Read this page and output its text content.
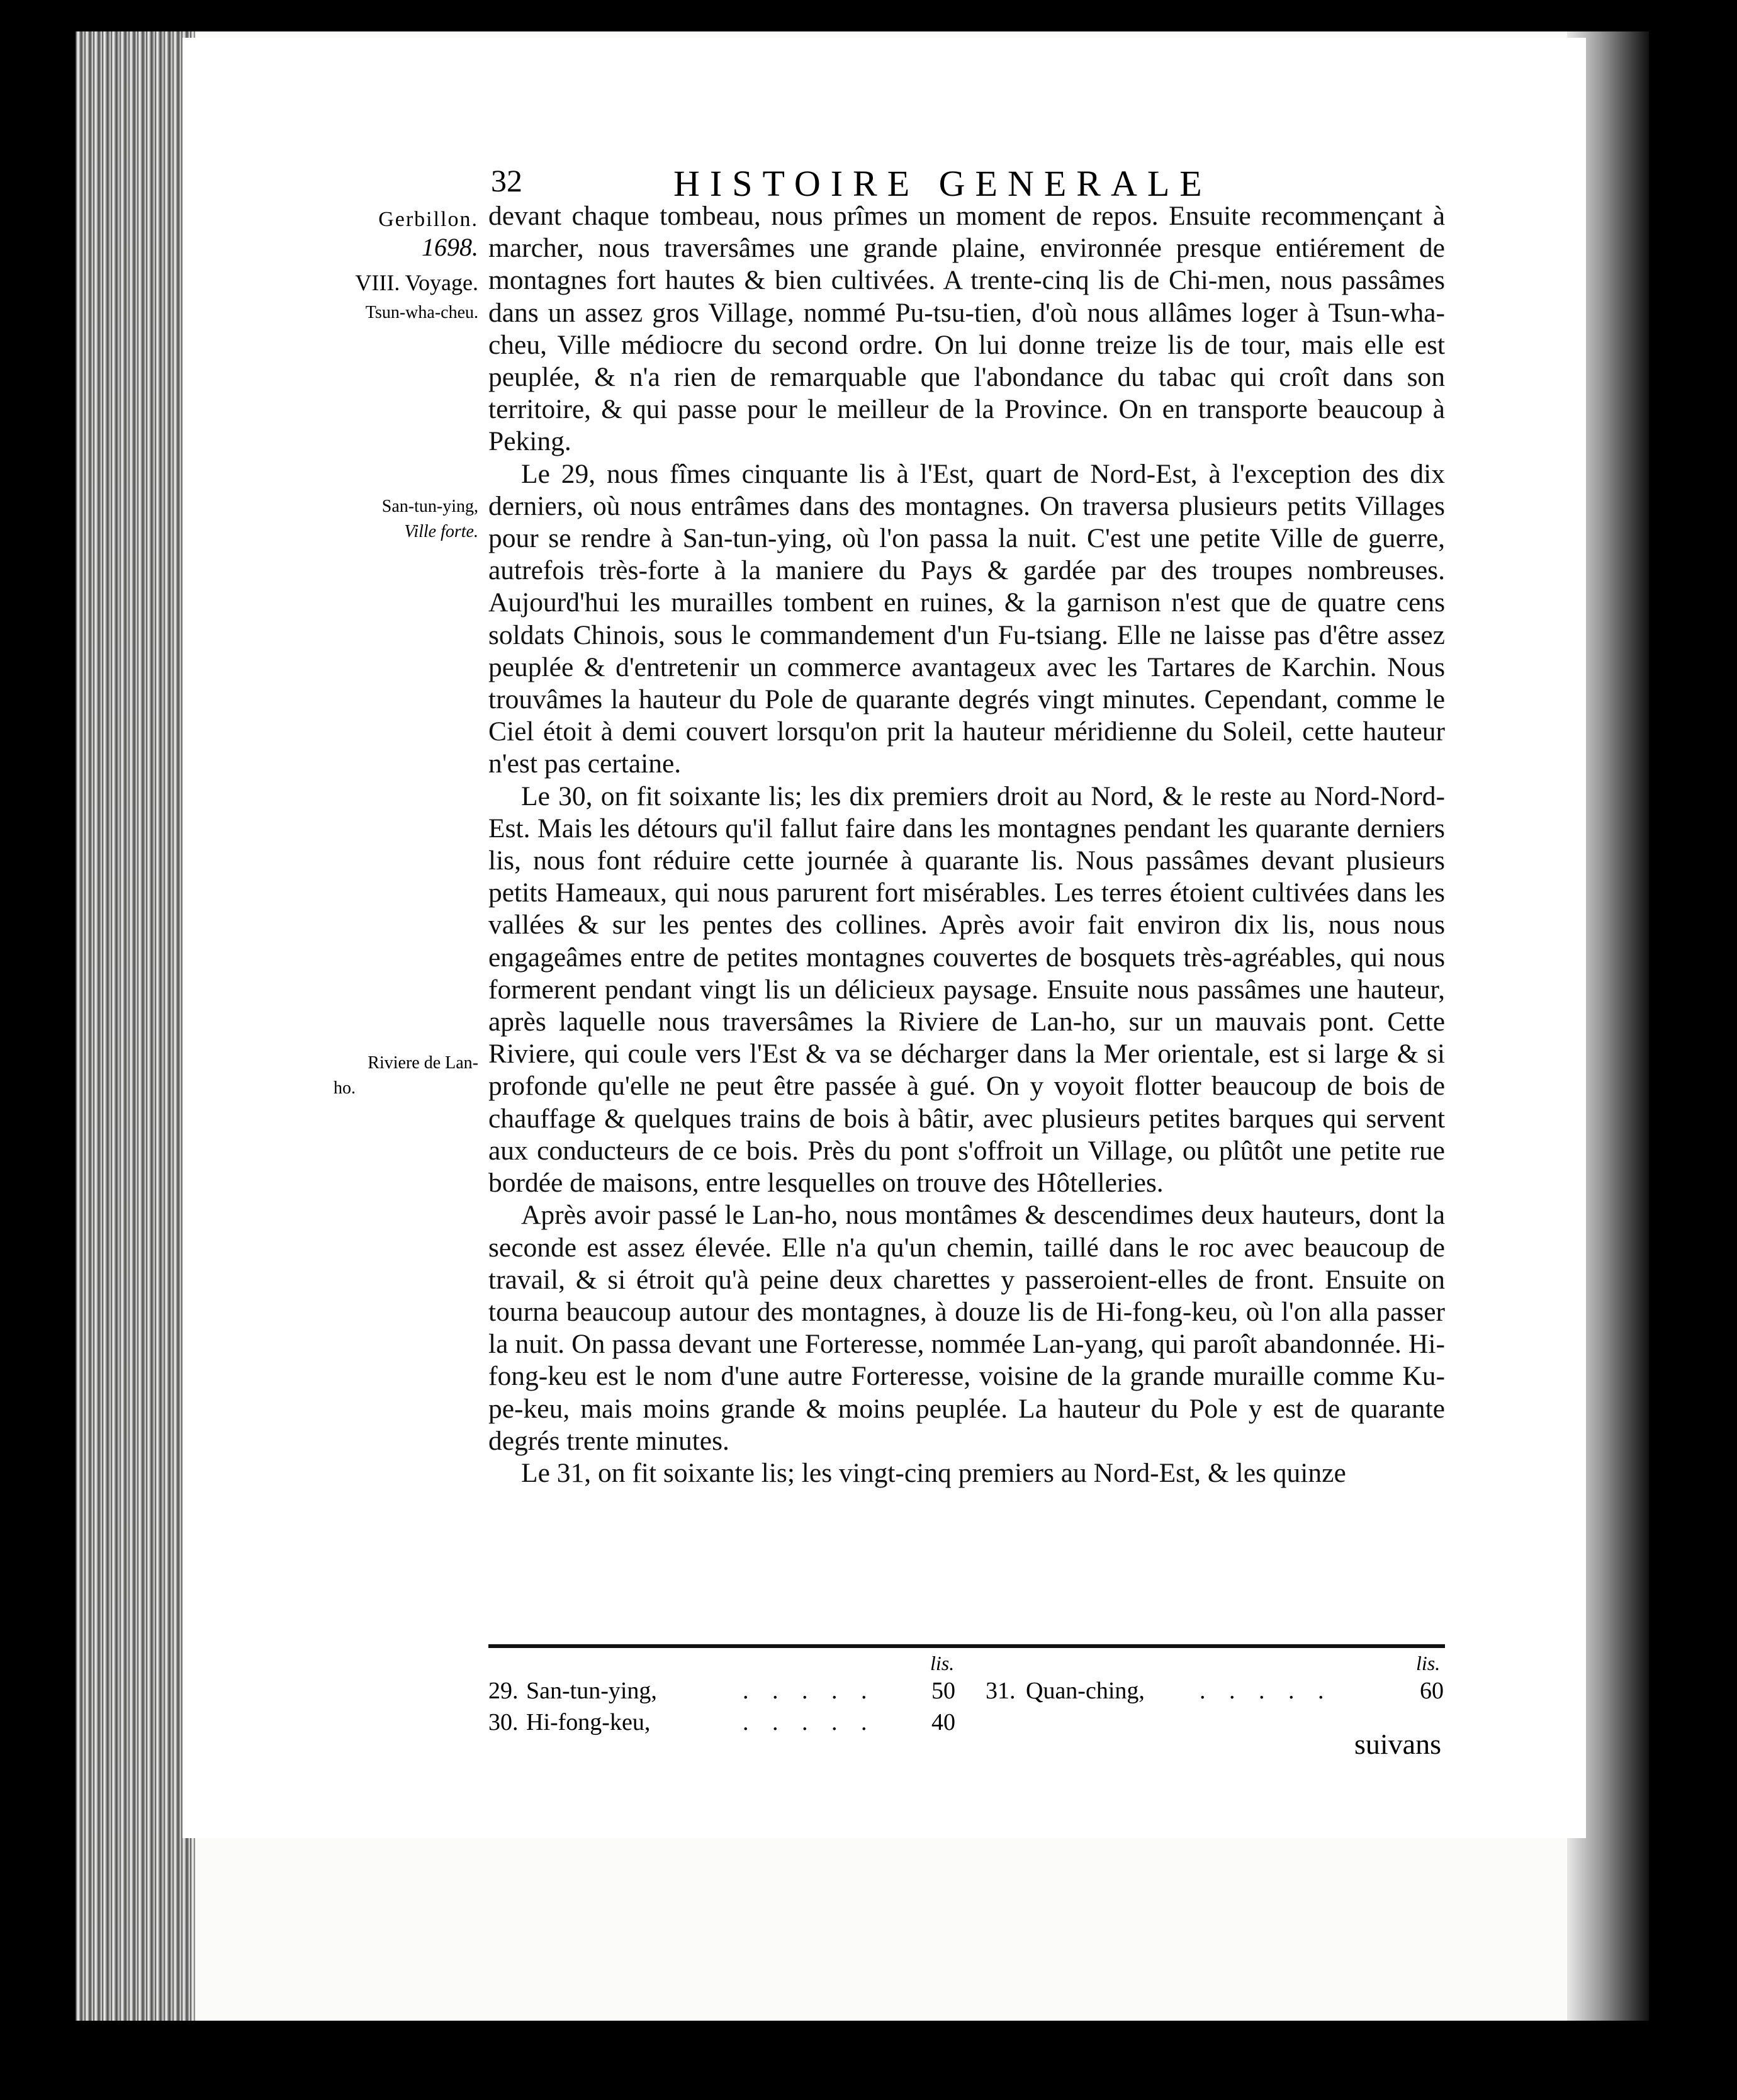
32	HISTOIRE GENERALE
Gerbillon.
1698.
VIII. Voyage.
Tsun-wha-cheu.
San-tun-ying,
Ville forte.
Riviere de Lan-
ho.

devant chaque tombeau, nous prîmes un moment de repos. Ensuite recommençant à marcher, nous traversâmes une grande plaine, environnée presque entiérement de montagnes fort hautes & bien cultivées. A trente-cinq lis de Chi-men, nous passâmes dans un assez gros Village, nommé Pu-tsu-tien, d'où nous allâmes loger à Tsun-wha-cheu, Ville médiocre du second ordre. On lui donne treize lis de tour, mais elle est peuplée, & n'a rien de remarquable que l'abondance du tabac qui croît dans son territoire, & qui passe pour le meilleur de la Province. On en transporte beaucoup à Peking.

Le 29, nous fîmes cinquante lis à l'Est, quart de Nord-Est, à l'exception des dix derniers, où nous entrâmes dans des montagnes. On traversa plusieurs petits Villages pour se rendre à San-tun-ying, où l'on passa la nuit. C'est une petite Ville de guerre, autrefois très-forte à la maniere du Pays & gardée par des troupes nombreuses. Aujourd'hui les murailles tombent en ruines, & la garnison n'est que de quatre cens soldats Chinois, sous le commandement d'un Fu-tsiang. Elle ne laisse pas d'être assez peuplée & d'entretenir un commerce avantageux avec les Tartares de Karchin. Nous trouvâmes la hauteur du Pole de quarante degrés vingt minutes. Cependant, comme le Ciel étoit à demi couvert lorsqu'on prit la hauteur méridienne du Soleil, cette hauteur n'est pas certaine.

Le 30, on fit soixante lis; les dix premiers droit au Nord, & le reste au Nord-Nord-Est. Mais les détours qu'il fallut faire dans les montagnes pendant les quarante derniers lis, nous font réduire cette journée à quarante lis. Nous passâmes devant plusieurs petits Hameaux, qui nous parurent fort misérables. Les terres étoient cultivées dans les vallées & sur les pentes des collines. Après avoir fait environ dix lis, nous nous engageâmes entre de petites montagnes couvertes de bosquets très-agréables, qui nous formerent pendant vingt lis un délicieux paysage. Ensuite nous passâmes une hauteur, après laquelle nous traversâmes la Riviere de Lan-ho, sur un mauvais pont. Cette Riviere, qui coule vers l'Est & va se décharger dans la Mer orientale, est si large & si profonde qu'elle ne peut être passée à gué. On y voyoit flotter beaucoup de bois de chauffage & quelques trains de bois à bâtir, avec plusieurs petites barques qui servent aux conducteurs de ce bois. Près du pont s'offroit un Village, ou plûtôt une petite rue bordée de maisons, entre lesquelles on trouve des Hôtelleries.

Après avoir passé le Lan-ho, nous montâmes & descendimes deux hauteurs, dont la seconde est assez élevée. Elle n'a qu'un chemin, taillé dans le roc avec beaucoup de travail, & si étroit qu'à peine deux charettes y passeroient-elles de front. Ensuite on tourna beaucoup autour des montagnes, à douze lis de Hi-fong-keu, où l'on alla passer la nuit. On passa devant une Forteresse, nommée Lan-yang, qui paroît abandonnée. Hi-fong-keu est le nom d'une autre Forteresse, voisine de la grande muraille comme Ku-pe-keu, mais moins grande & moins peuplée. La hauteur du Pole y est de quarante degrés trente minutes.

Le 31, on fit soixante lis; les vingt-cinq premiers au Nord-Est, & les quinze

lis.	lis.
29. San-tun-ying,	. . . . . 50
30. Hi-fong-keu,	. . . . . 40
31. Quan-ching, . . . . .	60
suivans
